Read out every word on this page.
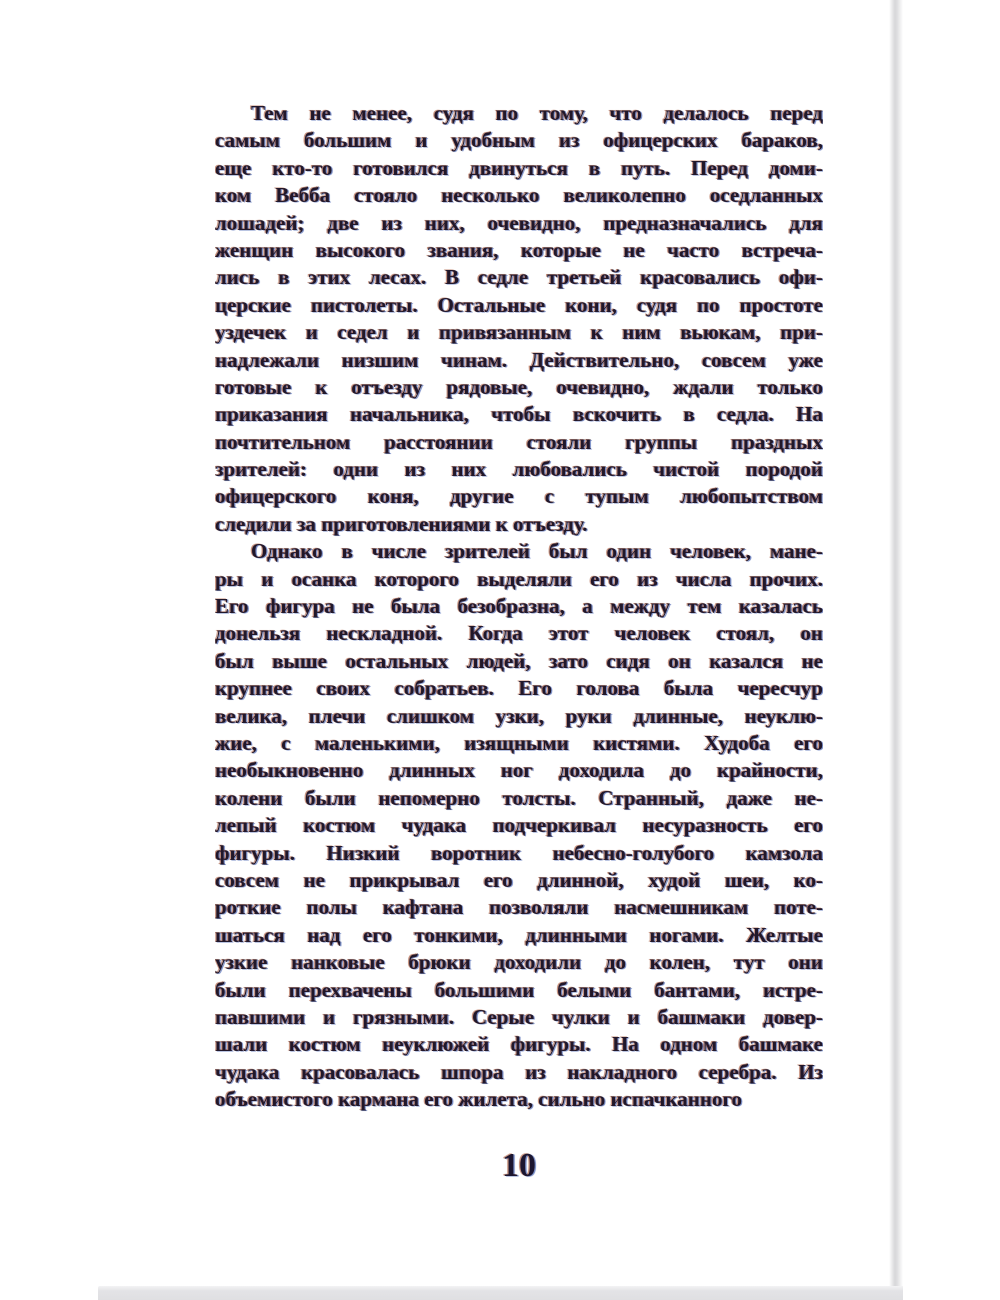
Тем не менее, судя по тому, что делалось перед
самым большим и удобным из офицерских бараков,
еще кто-то готовился двинуться в путь. Перед доми-
ком Вебба стояло несколько великолепно оседланных
лошадей; две из них, очевидно, предназначались для
женщин высокого звания, которые не часто встреча-
лись в этих лесах. В седле третьей красовались офи-
церские пистолеты. Остальные кони, судя по простоте
уздечек и седел и привязанным к ним вьюкам, при-
надлежали низшим чинам. Действительно, совсем уже
готовые к отъезду рядовые, очевидно, ждали только
приказания начальника, чтобы вскочить в седла. На
почтительном расстоянии стояли группы праздных
зрителей: одни из них любовались чистой породой
офицерского коня, другие с тупым любопытством
следили за приготовлениями к отъезду.
Однако в числе зрителей был один человек, мане-
ры и осанка которого выделяли его из числа прочих.
Его фигура не была безобразна, а между тем казалась
донельзя нескладной. Когда этот человек стоял, он
был выше остальных людей, зато сидя он казался не
крупнее своих собратьев. Его голова была чересчур
велика, плечи слишком узки, руки длинные, неуклю-
жие, с маленькими, изящными кистями. Худоба его
необыкновенно длинных ног доходила до крайности,
колени были непомерно толсты. Странный, даже не-
лепый костюм чудака подчеркивал несуразность его
фигуры. Низкий воротник небесно-голубого камзола
совсем не прикрывал его длинной, худой шеи, ко-
роткие полы кафтана позволяли насмешникам поте-
шаться над его тонкими, длинными ногами. Желтые
узкие нанковые брюки доходили до колен, тут они
были перехвачены большими белыми бантами, истре-
павшими и грязными. Серые чулки и башмаки довер-
шали костюм неуклюжей фигуры. На одном башмаке
чудака красовалась шпора из накладного серебра. Из
объемистого кармана его жилета, сильно испачканного
10
